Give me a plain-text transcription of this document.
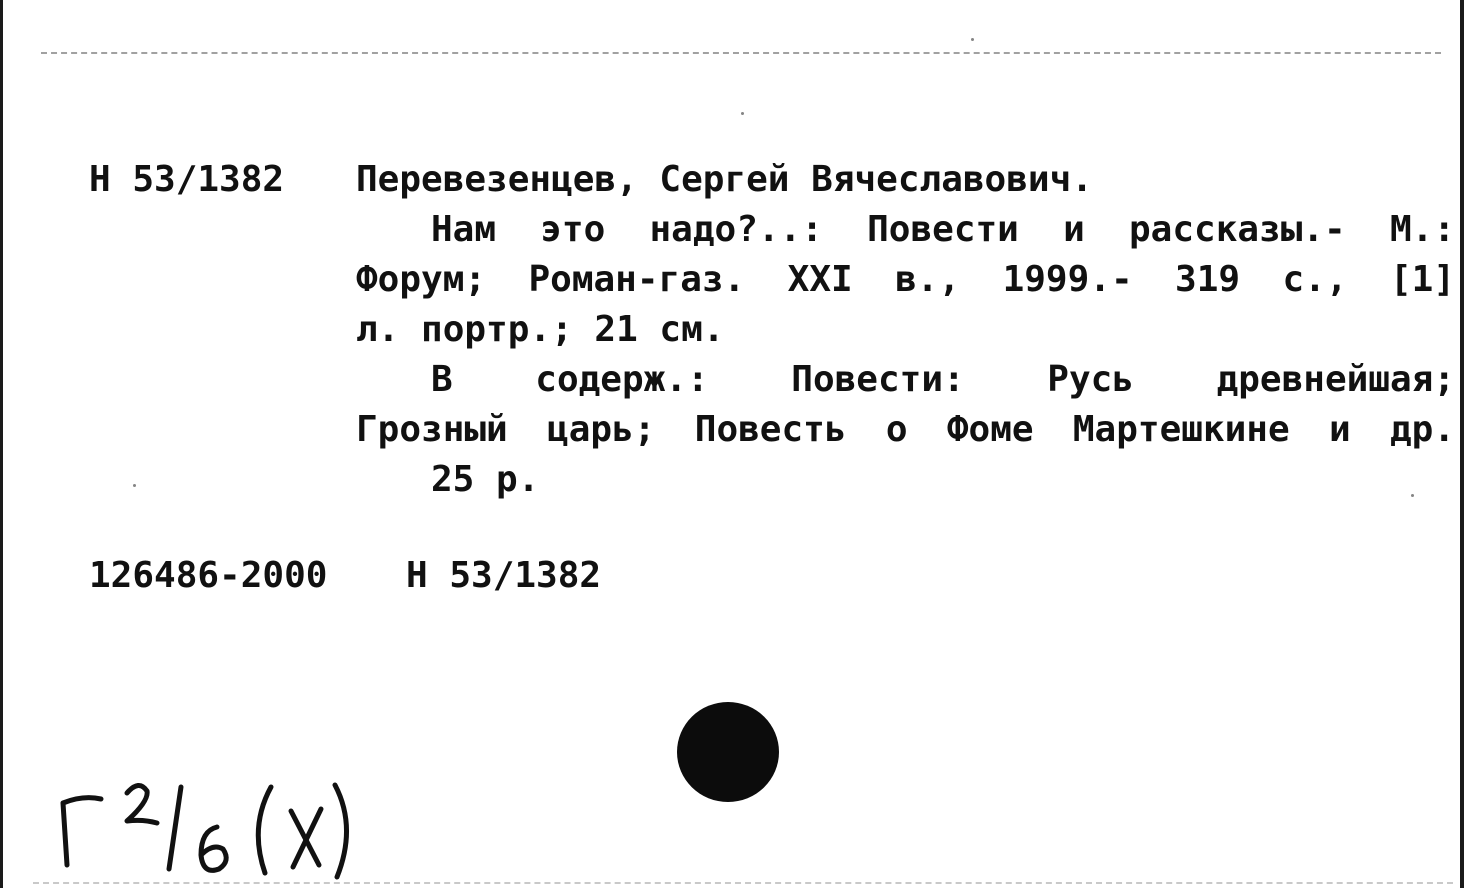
Н 53/1382 Перевезенцев, Сергей Вячеславович.
Нам это надо?..: Повести и рассказы.- М.:
Форум; Роман-газ. XXI в., 1999.- 319 с., [1]
л. портр.; 21 см.
В содерж.: Повести: Русь древнейшая;
Грозный царь; Повесть о Фоме Мартешкине и др.
25 р.
126486-2000 Н 53/1382
